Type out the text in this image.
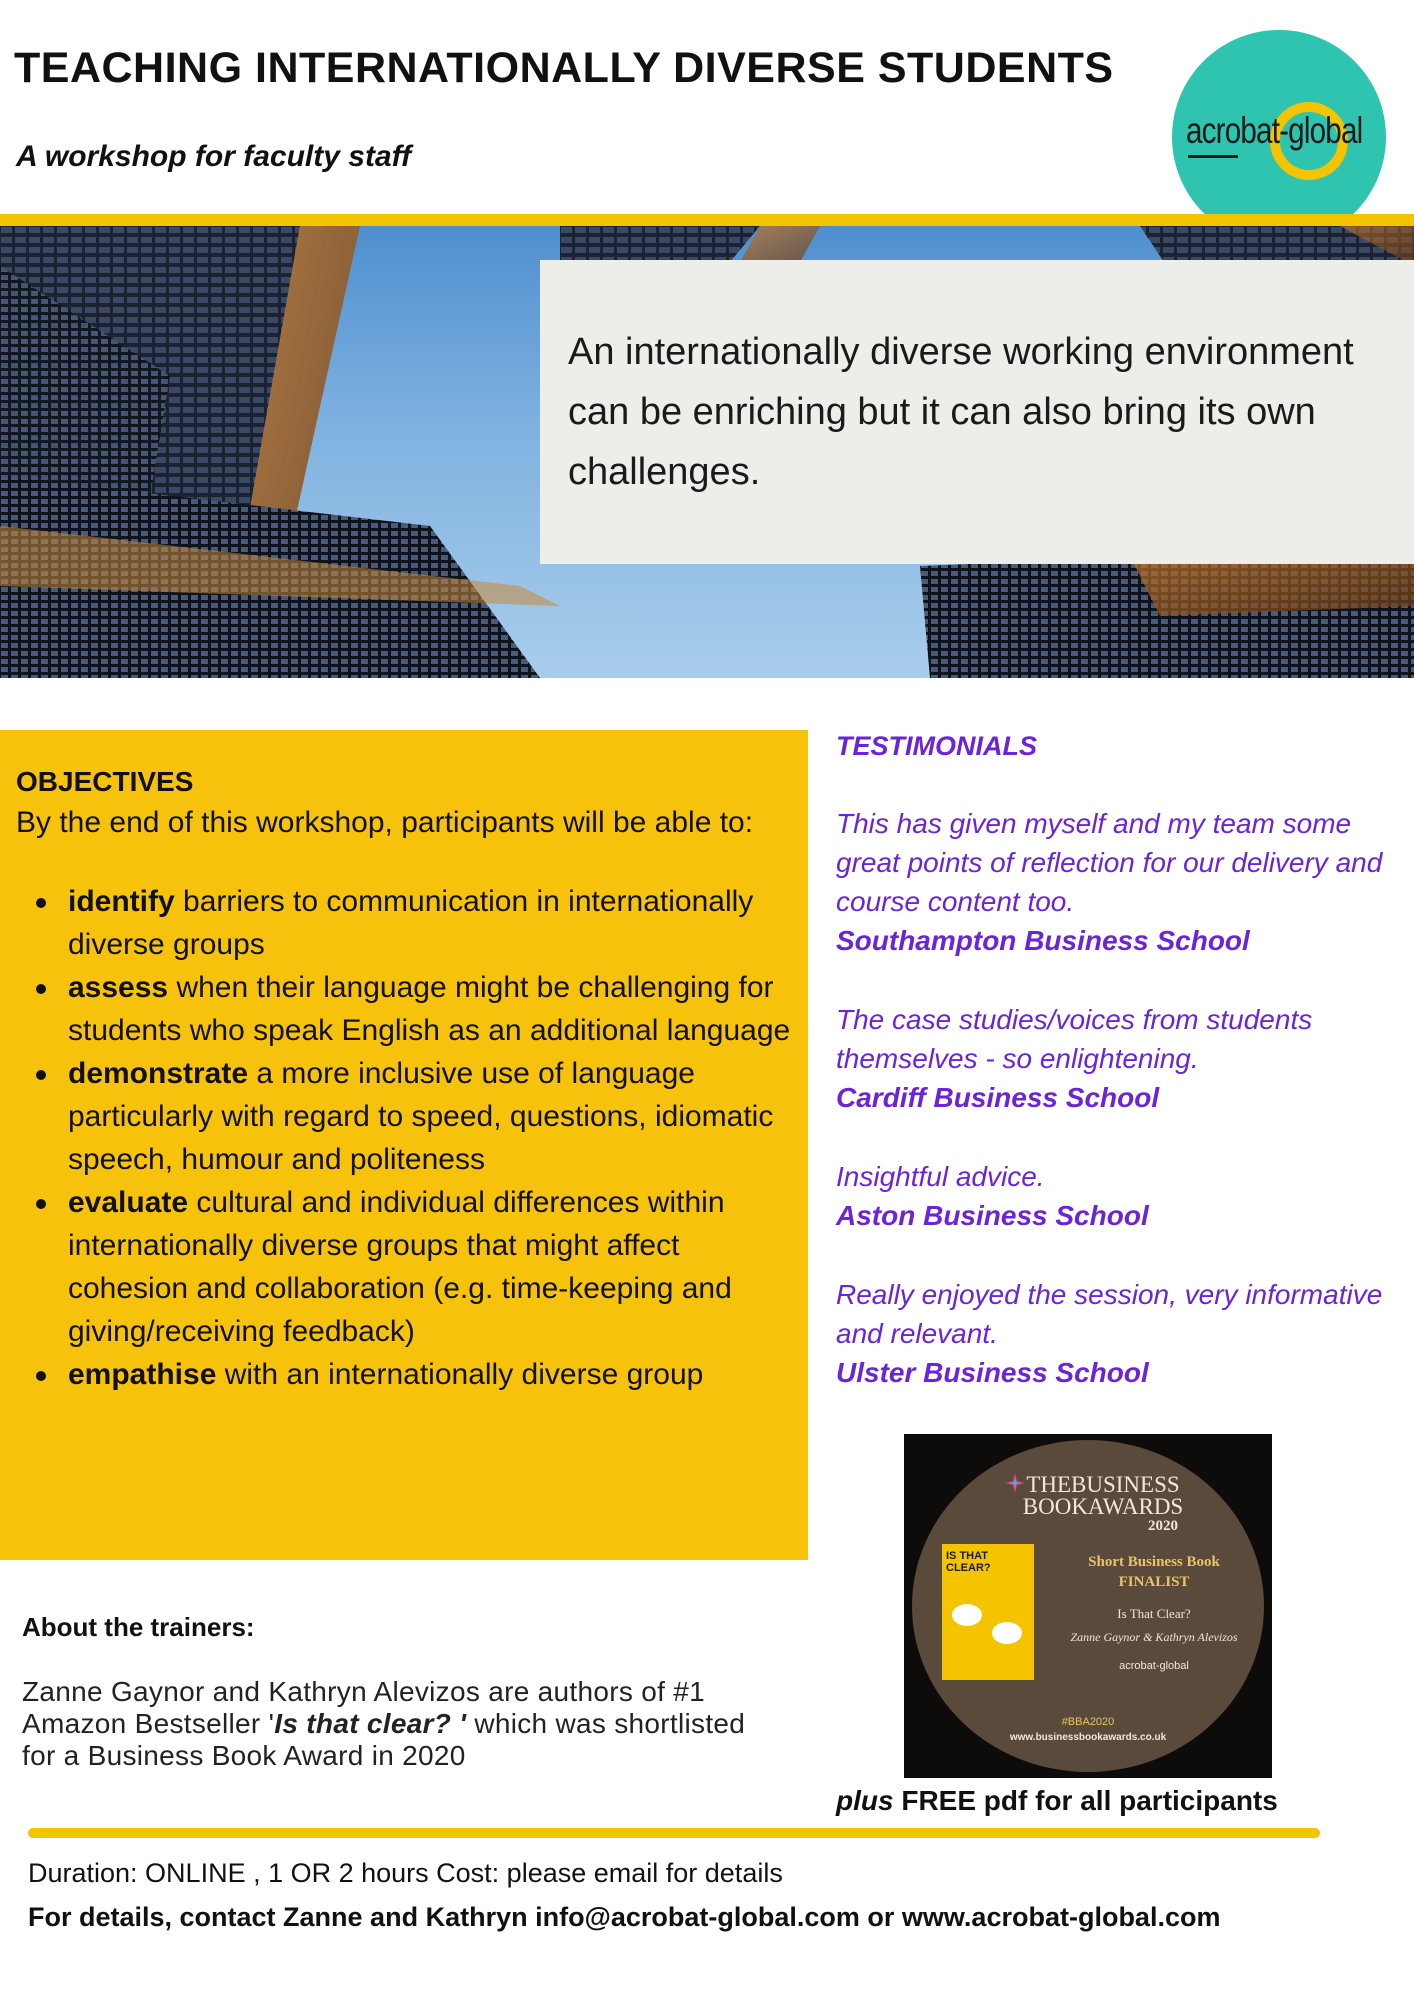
TEACHING INTERNATIONALLY DIVERSE STUDENTS
A workshop for faculty staff
acrobat-global

An internationally diverse working environment can be enriching but it can also bring its own challenges.

OBJECTIVES
By the end of this workshop, participants will be able to:
identify barriers to communication in internationally diverse groups
assess when their language might be challenging for students who speak English as an additional language
demonstrate a more inclusive use of language particularly with regard to speed, questions, idiomatic speech, humour and politeness
evaluate cultural and individual differences within internationally diverse groups that might affect cohesion and collaboration (e.g. time-keeping and giving/receiving feedback)
empathise with an internationally diverse group
TESTIMONIALS
This has given myself and my team some great points of reflection for our delivery and course content too.
Southampton Business School
The case studies/voices from students themselves - so enlightening.
Cardiff Business School
Insightful advice.
Aston Business School
Really enjoyed the session, very informative and relevant.
Ulster Business School
THEBUSINESS
BOOKAWARDS
2020
IS THAT CLEAR?	Short Business Book
FINALIST
Is That Clear?
Zanne Gaynor & Kathryn Alevizos
acrobat-global
#BBA2020
www.businessbookawards.co.uk
plus FREE pdf for all participants
About the trainers:
Zanne Gaynor and Kathryn Alevizos are authors of #1 Amazon Bestseller 'Is that clear? ' which was shortlisted for a Business Book Award in 2020
Duration: ONLINE , 1 OR 2 hours Cost: please email for details
For details, contact Zanne and Kathryn info@acrobat-global.com or www.acrobat-global.com
